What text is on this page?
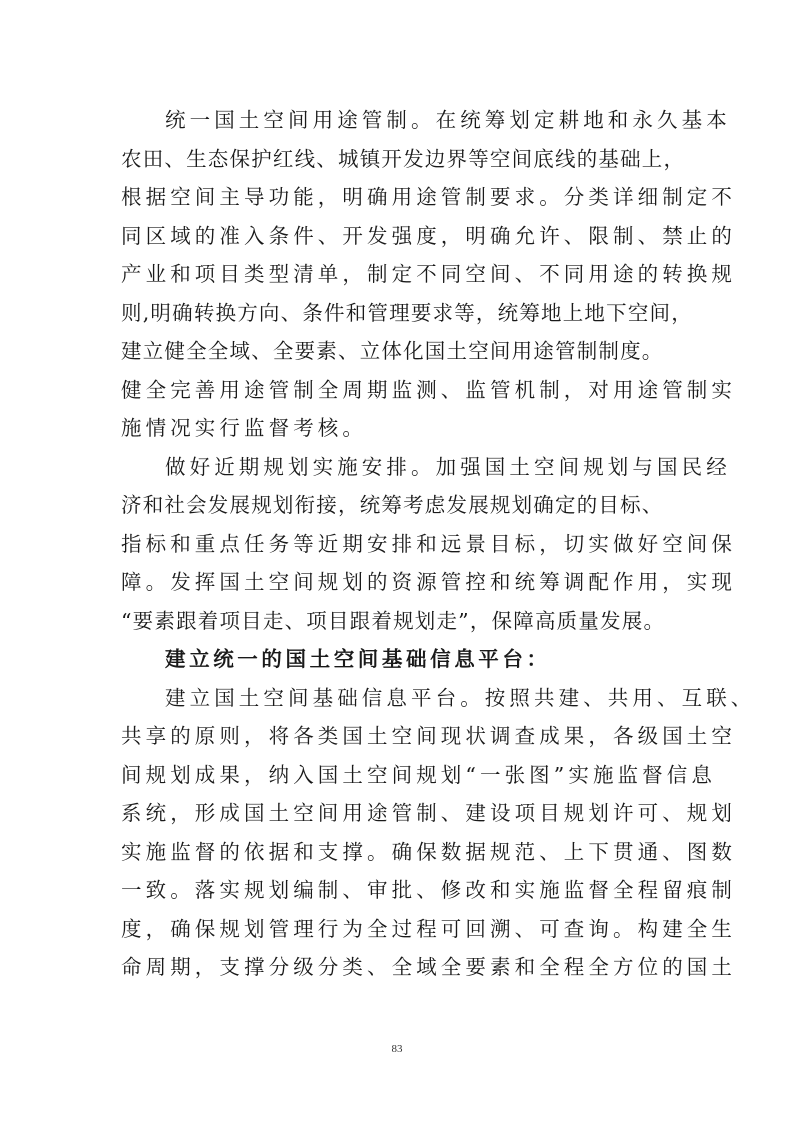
统一国土空间用途管制。在统筹划定耕地和永久基本
农田、生态保护红线、城镇开发边界等空间底线的基础上，
根据空间主导功能，明确用途管制要求。分类详细制定不
同区域的准入条件、开发强度，明确允许、限制、禁止的
产业和项目类型清单，制定不同空间、不同用途的转换规
则,明确转换方向、条件和管理要求等，统筹地上地下空间，
建立健全全域、全要素、立体化国土空间用途管制制度。
健全完善用途管制全周期监测、监管机制，对用途管制实
施情况实行监督考核。
做好近期规划实施安排。加强国土空间规划与国民经
济和社会发展规划衔接，统筹考虑发展规划确定的目标、
指标和重点任务等近期安排和远景目标，切实做好空间保
障。发挥国土空间规划的资源管控和统筹调配作用，实现
“要素跟着项目走、项目跟着规划走”，保障高质量发展。
建立统一的国土空间基础信息平台：
建立国土空间基础信息平台。按照共建、共用、互联、
共享的原则，将各类国土空间现状调查成果，各级国土空
间规划成果，纳入国土空间规划“一张图”实施监督信息
系统，形成国土空间用途管制、建设项目规划许可、规划
实施监督的依据和支撑。确保数据规范、上下贯通、图数
一致。落实规划编制、审批、修改和实施监督全程留痕制
度，确保规划管理行为全过程可回溯、可查询。构建全生
命周期，支撑分级分类、全域全要素和全程全方位的国土
83
